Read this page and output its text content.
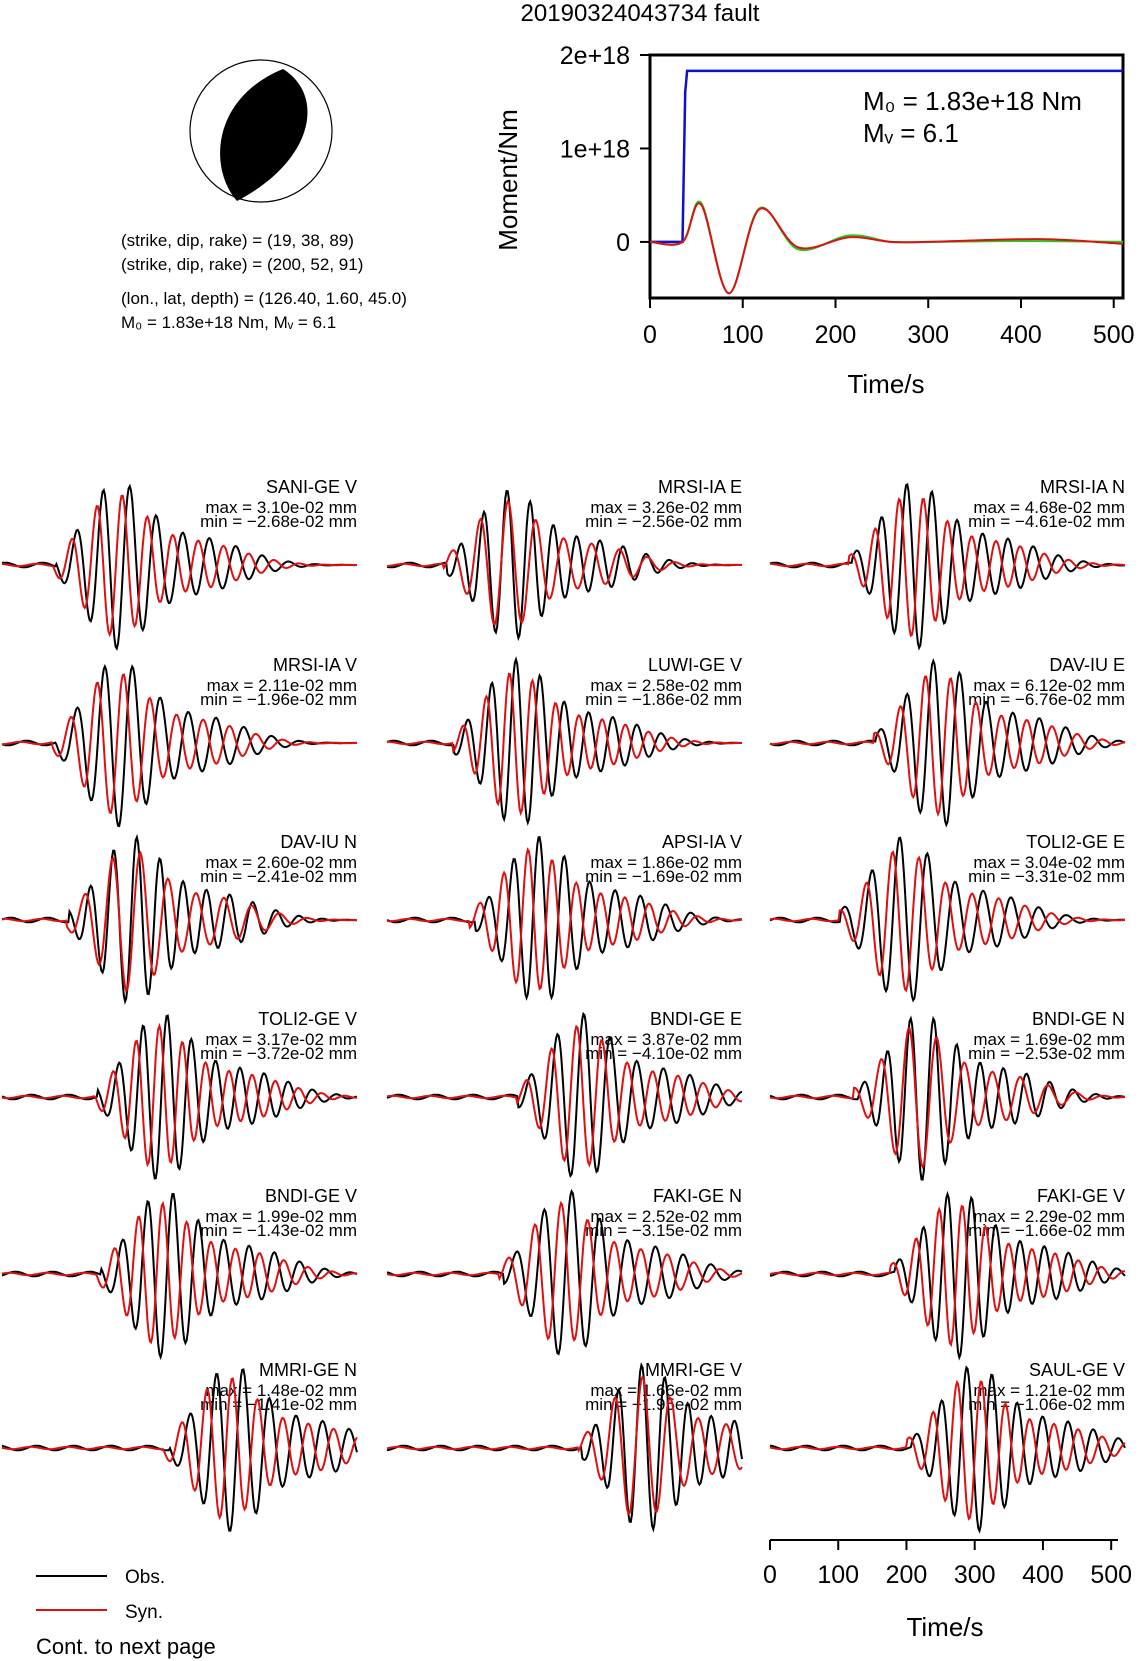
20190324043734 fault
(strike, dip, rake) = (19, 38, 89)
(strike, dip, rake) = (200, 52, 91)
(lon., lat, depth) = (126.40, 1.60, 45.0)
M₀ = 1.83e+18 Nm, Mᵥ = 6.1
0
1e+18
2e+18
0	100 200 300 400 500
Moment/Nm
Time/s
M₀ = 1.83e+18 Nm
Mᵥ = 6.1
SANI-GE V
max = 3.10e-02 mm
min = −2.68e-02 mm
MRSI-IA E
max = 3.26e-02 mm
min = −2.56e-02 mm
MRSI-IA N
max = 4.68e-02 mm
min = −4.61e-02 mm
MRSI-IA V
max = 2.11e-02 mm
min = −1.96e-02 mm
LUWI-GE V
max = 2.58e-02 mm
min = −1.86e-02 mm
DAV-IU E
max = 6.12e-02 mm
min = −6.76e-02 mm
DAV-IU N
max = 2.60e-02 mm
min = −2.41e-02 mm
APSI-IA V
max = 1.86e-02 mm
min = −1.69e-02 mm
TOLI2-GE E
max = 3.04e-02 mm
min = −3.31e-02 mm
TOLI2-GE V
max = 3.17e-02 mm
min = −3.72e-02 mm
BNDI-GE E
max = 3.87e-02 mm
min = −4.10e-02 mm
BNDI-GE N
max = 1.69e-02 mm
min = −2.53e-02 mm
BNDI-GE V
max = 1.99e-02 mm
min = −1.43e-02 mm
FAKI-GE N
max = 2.52e-02 mm
min = −3.15e-02 mm
FAKI-GE V
max = 2.29e-02 mm
min = −1.66e-02 mm
MMRI-GE N
max = 1.48e-02 mm
min = −1.41e-02 mm
MMRI-GE V
max = 1.66e-02 mm
min = −1.95e-02 mm
SAUL-GE V
max = 1.21e-02 mm
min = −1.06e-02 mm
0 100 200 300 400 500
Time/s
Obs.
Syn.
Cont. to next page
